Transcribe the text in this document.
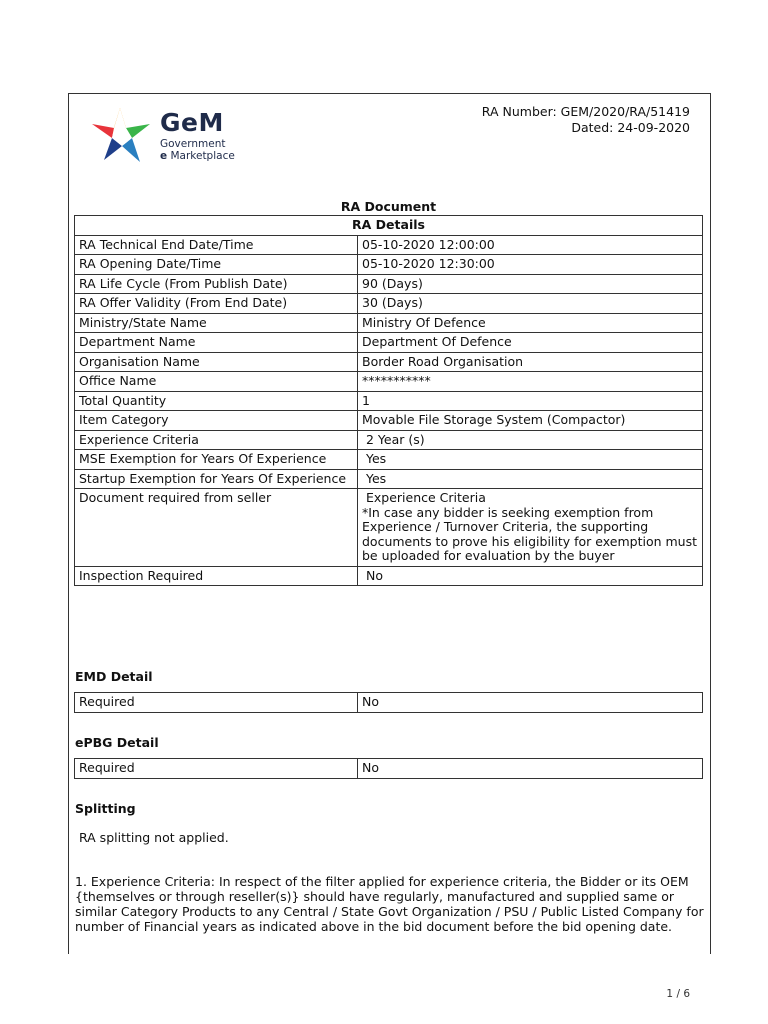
GeM
Government
e Marketplace
RA Number: GEM/2020/RA/51419
Dated: 24-09-2020
RA Document
RA Details	
RA Technical End Date/Time	05-10-2020 12:00:00
RA Opening Date/Time	05-10-2020 12:30:00
RA Life Cycle (From Publish Date)	90 (Days)
RA Offer Validity (From End Date)	30 (Days)
Ministry/State Name	Ministry Of Defence
Department Name	Department Of Defence
Organisation Name	Border Road Organisation
Office Name	***********
Total Quantity	1
Item Category	Movable File Storage System (Compactor)
Experience Criteria	2 Year (s)
MSE Exemption for Years Of Experience	Yes
Startup Exemption for Years Of Experience	Yes
Document required from seller	Experience Criteria
*In case any bidder is seeking exemption from Experience / Turnover Criteria, the supporting documents to prove his eligibility for exemption must be uploaded for evaluation by the buyer

Inspection Required	No
EMD Detail
Required	No
ePBG Detail
Required	No
Splitting
RA splitting not applied.
1. Experience Criteria: In respect of the filter applied for experience criteria, the Bidder or its OEM {themselves or through reseller(s)} should have regularly, manufactured and supplied same or similar Category Products to any Central / State Govt Organization / PSU / Public Listed Company for number of Financial years as indicated above in the bid document before the bid opening date.
1 / 6
